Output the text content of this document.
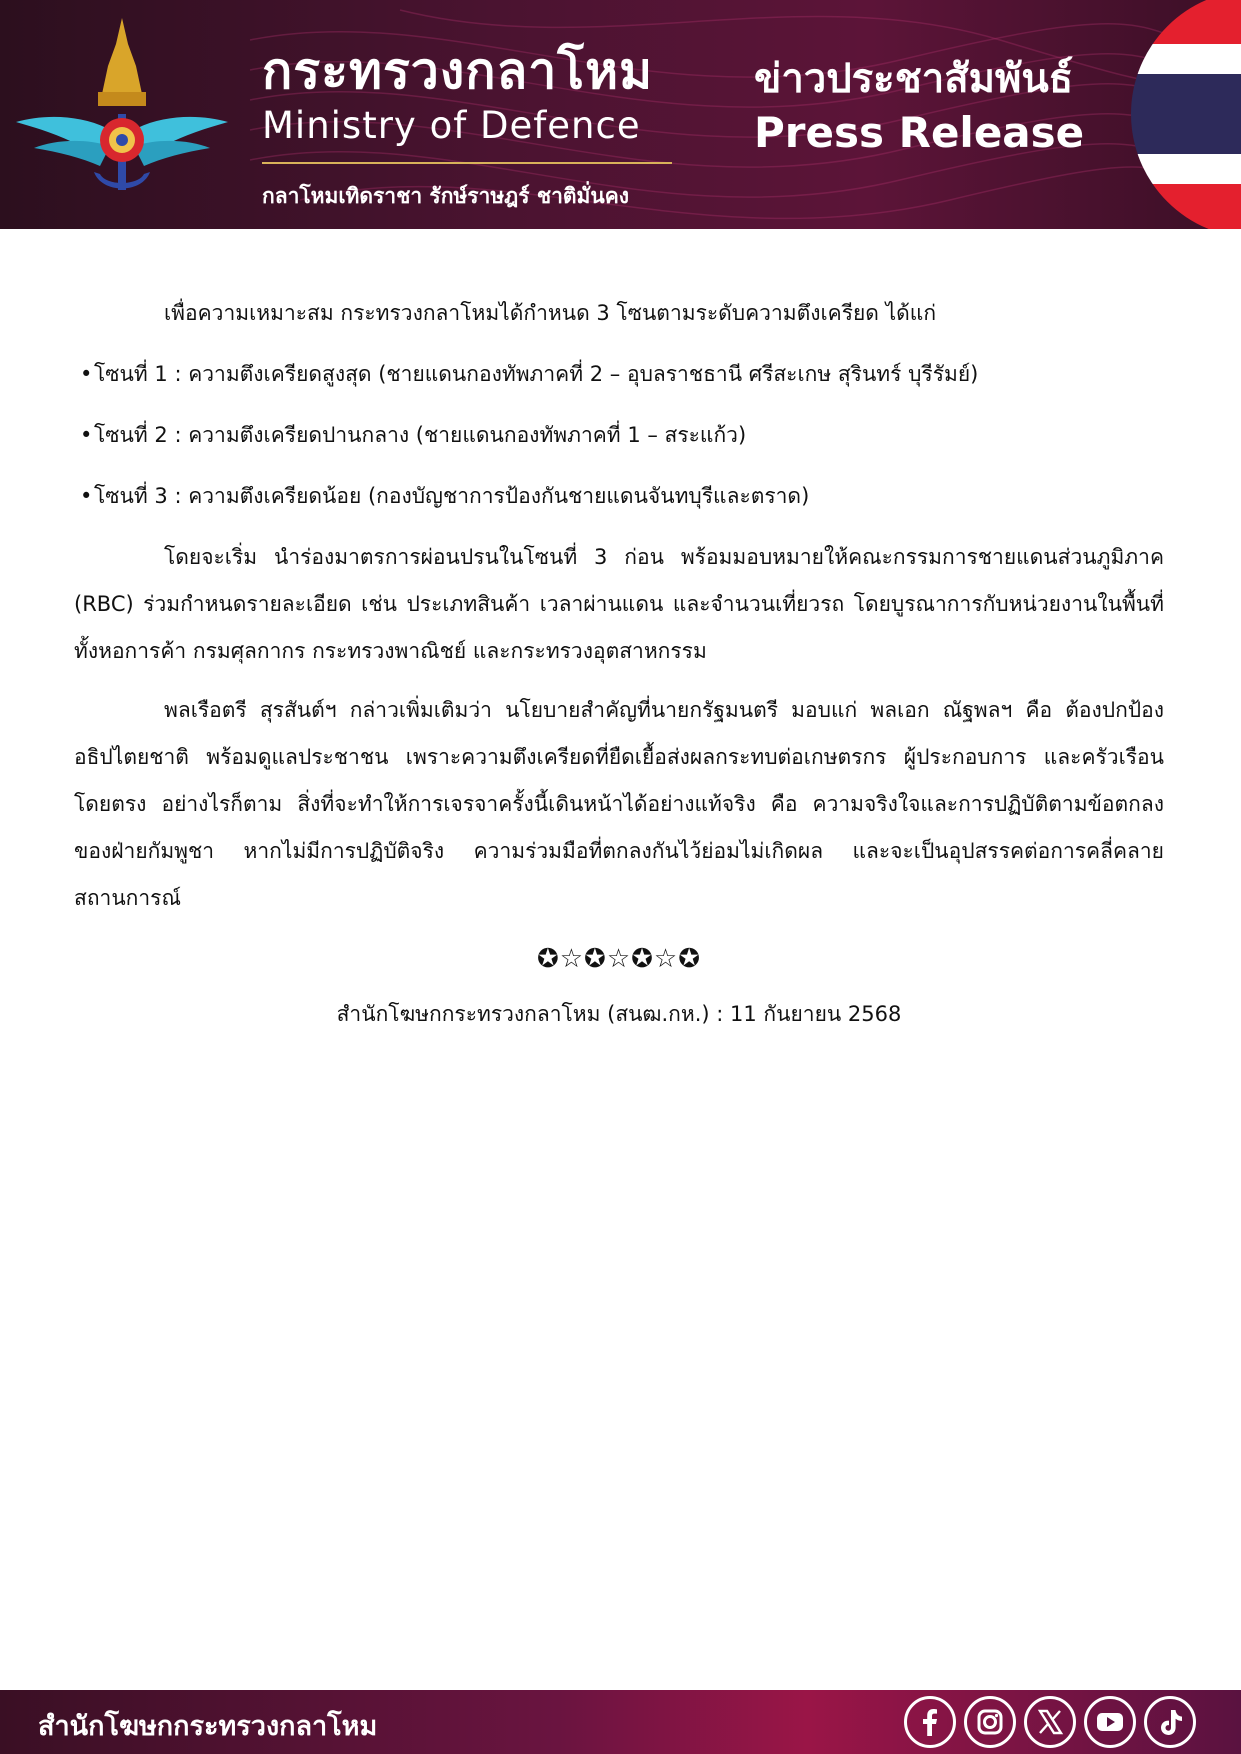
กระทรวงกลาโหม
Ministry of Defence
กลาโหมเทิดราชา รักษ์ราษฎร์ ชาติมั่นคง
ข่าวประชาสัมพันธ์
Press Release

เพื่อความเหมาะสม กระทรวงกลาโหมได้กำหนด 3 โซนตามระดับความตึงเครียด ได้แก่

•โซนที่ 1 : ความตึงเครียดสูงสุด (ชายแดนกองทัพภาคที่ 2 – อุบลราชธานี ศรีสะเกษ สุรินทร์ บุรีรัมย์)
•โซนที่ 2 : ความตึงเครียดปานกลาง (ชายแดนกองทัพภาคที่ 1 – สระแก้ว)
•โซนที่ 3 : ความตึงเครียดน้อย (กองบัญชาการป้องกันชายแดนจันทบุรีและตราด)

โดยจะเริ่ม นำร่องมาตรการผ่อนปรนในโซนที่ 3 ก่อน พร้อมมอบหมายให้คณะกรรมการชายแดนส่วนภูมิภาค (RBC) ร่วมกำหนดรายละเอียด เช่น ประเภทสินค้า เวลาผ่านแดน และจำนวนเที่ยวรถ โดยบูรณาการกับหน่วยงานในพื้นที่ ทั้งหอการค้า กรมศุลกากร กระทรวงพาณิชย์ และกระทรวงอุตสาหกรรม

พลเรือตรี สุรสันต์ฯ กล่าวเพิ่มเติมว่า นโยบายสำคัญที่นายกรัฐมนตรี มอบแก่ พลเอก ณัฐพลฯ คือ ต้องปกป้องอธิปไตยชาติ พร้อมดูแลประชาชน เพราะความตึงเครียดที่ยืดเยื้อส่งผลกระทบต่อเกษตรกร ผู้ประกอบการ และครัวเรือนโดยตรง อย่างไรก็ตาม สิ่งที่จะทำให้การเจรจาครั้งนี้เดินหน้าได้อย่างแท้จริง คือ ความจริงใจและการปฏิบัติตามข้อตกลงของฝ่ายกัมพูชา หากไม่มีการปฏิบัติจริง ความร่วมมือที่ตกลงกันไว้ย่อมไม่เกิดผล และจะเป็นอุปสรรคต่อการคลี่คลายสถานการณ์

✪☆✪☆✪☆✪
สำนักโฆษกกระทรวงกลาโหม (สนฒ.กห.) : 11 กันยายน 2568
สำนักโฆษกกระทรวงกลาโหม
